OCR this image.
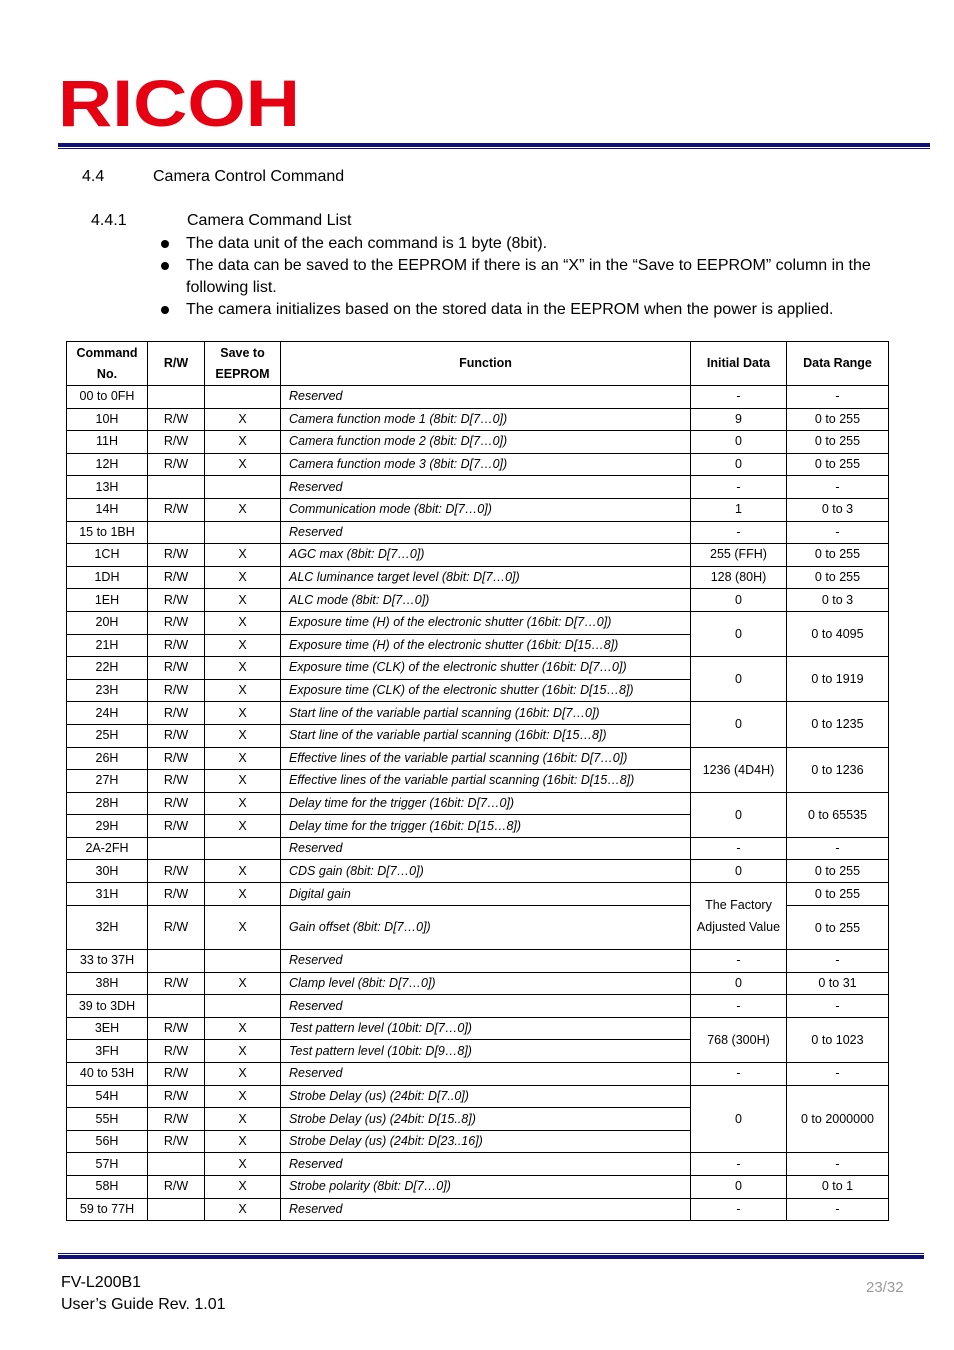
RICOH
4.4	Camera Control Command
4.4.1	Camera Command List
The data unit of the each command is 1 byte (8bit).
The data can be saved to the EEPROM if there is an “X” in the “Save to EEPROM” column in the following list.
The camera initializes based on the stored data in the EEPROM when the power is applied.
Command No.	R/W	Save to EEPROM	Function	Initial Data	Data Range
00 to 0FH			Reserved	-	-
10H	R/W	X	Camera function mode 1 (8bit: D[7…0])	9	0 to 255
11H	R/W	X	Camera function mode 2 (8bit: D[7…0])	0	0 to 255
12H	R/W	X	Camera function mode 3 (8bit: D[7…0])	0	0 to 255
13H			Reserved	-	-
14H	R/W	X	Communication mode (8bit: D[7…0])	1	0 to 3
15 to 1BH			Reserved	-	-
1CH	R/W	X	AGC max (8bit: D[7…0])	255 (FFH)	0 to 255
1DH	R/W	X	ALC luminance target level (8bit: D[7…0])	128 (80H)	0 to 255
1EH	R/W	X	ALC mode (8bit: D[7…0])	0	0 to 3
20H	R/W	X	Exposure time (H) of the electronic shutter (16bit: D[7…0])	0	0 to 4095
21H	R/W	X	Exposure time (H) of the electronic shutter (16bit: D[15…8])		
22H	R/W	X	Exposure time (CLK) of the electronic shutter (16bit: D[7…0])	0	0 to 1919
23H	R/W	X	Exposure time (CLK) of the electronic shutter (16bit: D[15…8])		
24H	R/W	X	Start line of the variable partial scanning (16bit: D[7…0])	0	0 to 1235
25H	R/W	X	Start line of the variable partial scanning (16bit: D[15…8])		
26H	R/W	X	Effective lines of the variable partial scanning (16bit: D[7…0])	1236 (4D4H)	0 to 1236
27H	R/W	X	Effective lines of the variable partial scanning (16bit: D[15…8])		
28H	R/W	X	Delay time for the trigger (16bit: D[7…0])	0	0 to 65535
29H	R/W	X	Delay time for the trigger (16bit: D[15…8])		
2A-2FH			Reserved	-	-
30H	R/W	X	CDS gain (8bit: D[7…0])	0	0 to 255
31H	R/W	X	Digital gain	The Factory Adjusted Value	0 to 255
32H	R/W	X	Gain offset (8bit: D[7…0])		0 to 255
33 to 37H			Reserved	-	-
38H	R/W	X	Clamp level (8bit: D[7…0])	0	0 to 31
39 to 3DH			Reserved	-	-
3EH	R/W	X	Test pattern level (10bit: D[7…0])	768 (300H)	0 to 1023
3FH	R/W	X	Test pattern level (10bit: D[9…8])		
40 to 53H	R/W	X	Reserved	-	-
54H	R/W	X	Strobe Delay (us) (24bit: D[7..0])	0	0 to 2000000
55H	R/W	X	Strobe Delay (us) (24bit: D[15..8])		
56H	R/W	X	Strobe Delay (us) (24bit: D[23..16])		
57H		X	Reserved	-	-
58H	R/W	X	Strobe polarity (8bit: D[7…0])	0	0 to 1
59 to 77H		X	Reserved	-	-
FV-L200B1
User’s Guide Rev. 1.01
23/32
